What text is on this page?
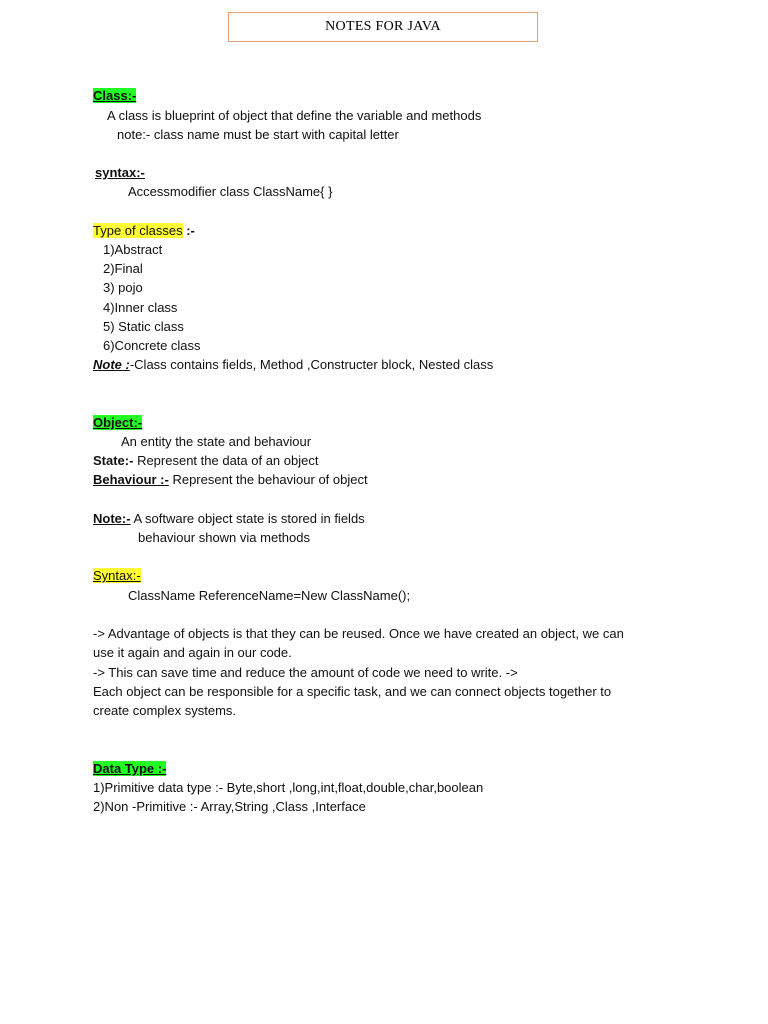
NOTES FOR JAVA
Class:-
A class is blueprint of object that define the variable and methods
note:- class name must be start with capital letter
syntax:-
Accessmodifier class ClassName{ }
Type of classes :-
1)Abstract
2)Final
3) pojo
4)Inner class
5) Static class
6)Concrete class
Note :-Class contains fields, Method ,Constructer block, Nested class
Object:-
An entity the state and behaviour
State:- Represent the data of an object
Behaviour :- Represent the behaviour of object
Note:- A software object state is stored in fields
behaviour shown via methods
Syntax:-
ClassName ReferenceName=New ClassName();
-> Advantage of objects is that they can be reused. Once we have created an object, we can
use it again and again in our code.
-> This can save time and reduce the amount of code we need to write. ->
Each object can be responsible for a specific task, and we can connect objects together to
create complex systems.
Data Type :-
1)Primitive data type :- Byte,short ,long,int,float,double,char,boolean
2)Non -Primitive :- Array,String ,Class ,Interface
